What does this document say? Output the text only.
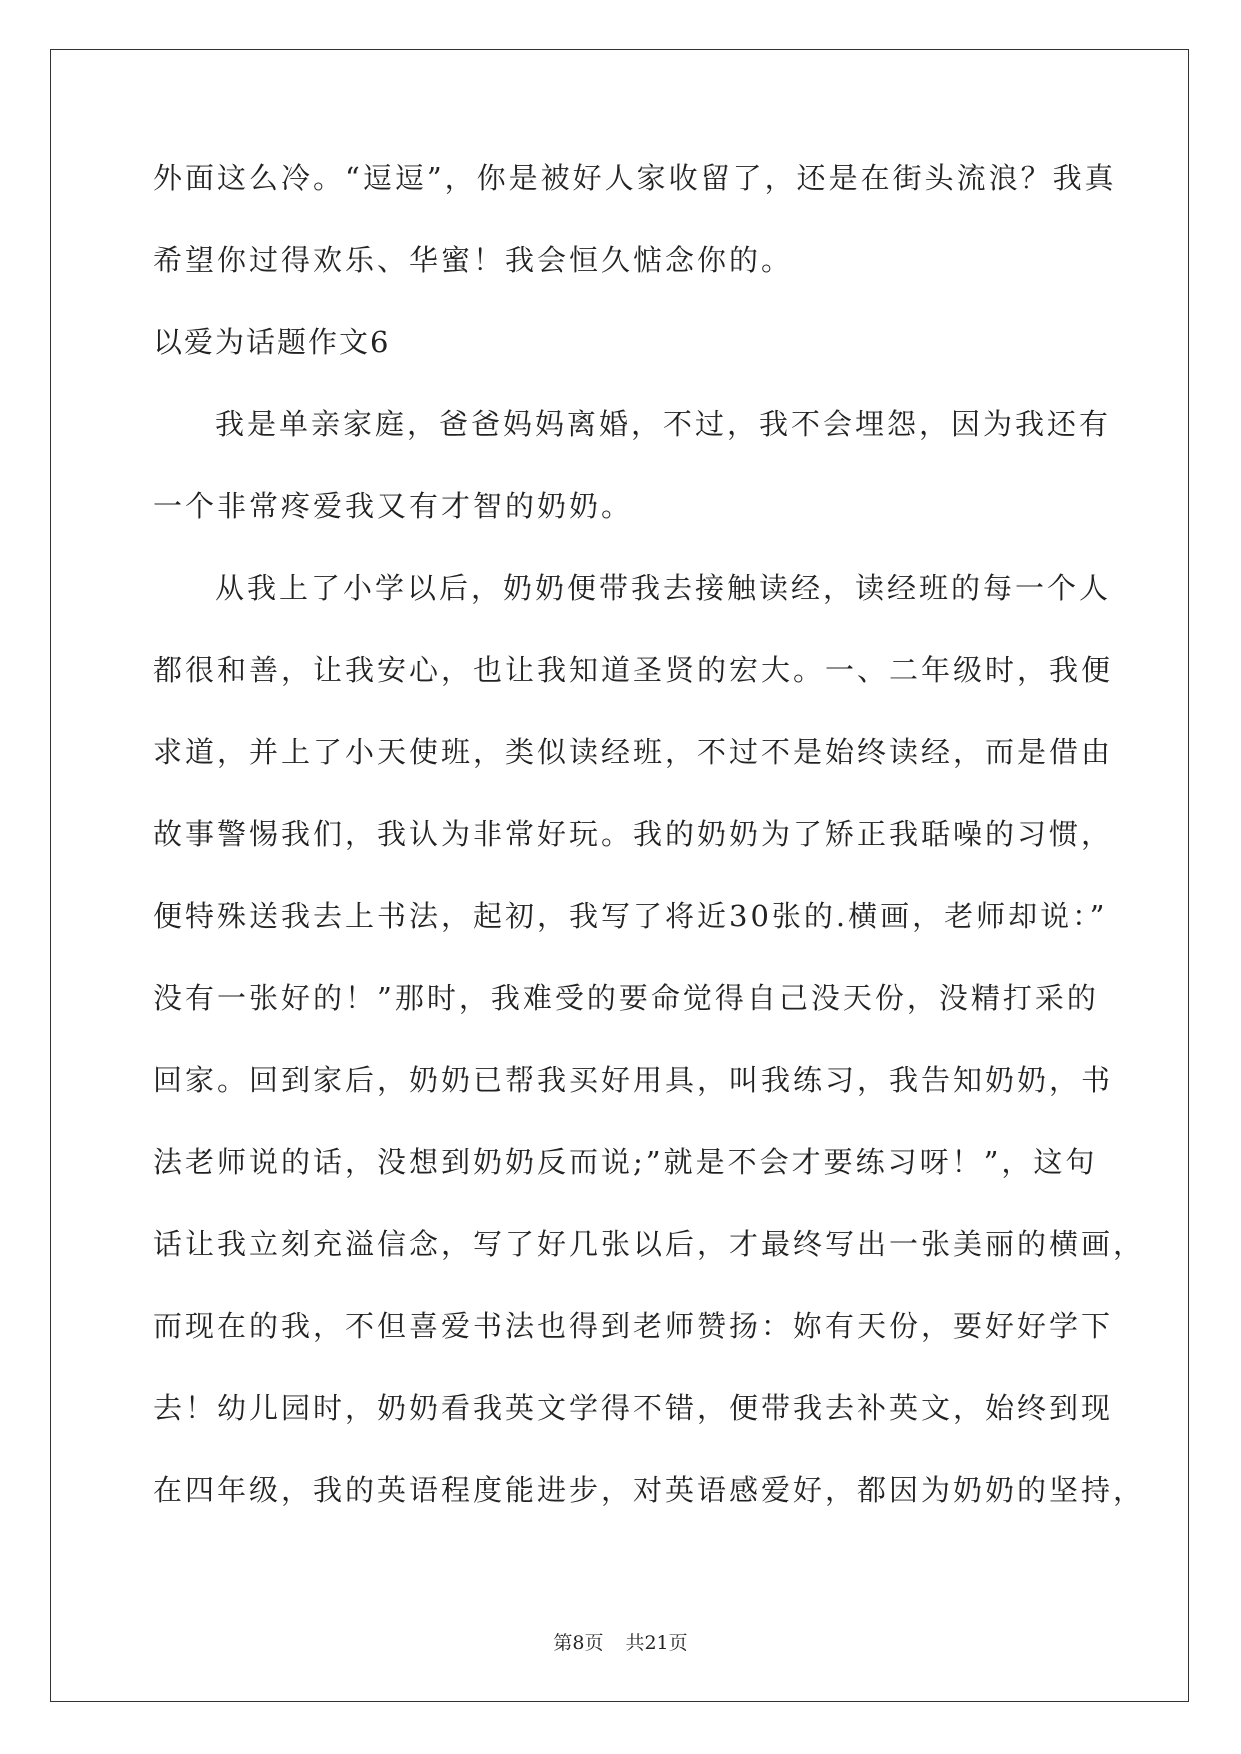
外面这么冷。“逗逗”，你是被好人家收留了，还是在街头流浪？我真
希望你过得欢乐、华蜜！我会恒久惦念你的。
以爱为话题作文6
我是单亲家庭，爸爸妈妈离婚，不过，我不会埋怨，因为我还有
一个非常疼爱我又有才智的奶奶。
从我上了小学以后，奶奶便带我去接触读经，读经班的每一个人
都很和善，让我安心，也让我知道圣贤的宏大。一、二年级时，我便
求道，并上了小天使班，类似读经班，不过不是始终读经，而是借由
故事警惕我们，我认为非常好玩。我的奶奶为了矫正我聒噪的习惯，
便特殊送我去上书法，起初，我写了将近30张的.横画，老师却说：”
没有一张好的！”那时，我难受的要命觉得自己没天份，没精打采的
回家。回到家后，奶奶已帮我买好用具，叫我练习，我告知奶奶，书
法老师说的话，没想到奶奶反而说;”就是不会才要练习呀！”，这句
话让我立刻充溢信念，写了好几张以后，才最终写出一张美丽的横画，
而现在的我，不但喜爱书法也得到老师赞扬：妳有天份，要好好学下
去！幼儿园时，奶奶看我英文学得不错，便带我去补英文，始终到现
在四年级，我的英语程度能进步，对英语感爱好，都因为奶奶的坚持，
第8页 共21页
